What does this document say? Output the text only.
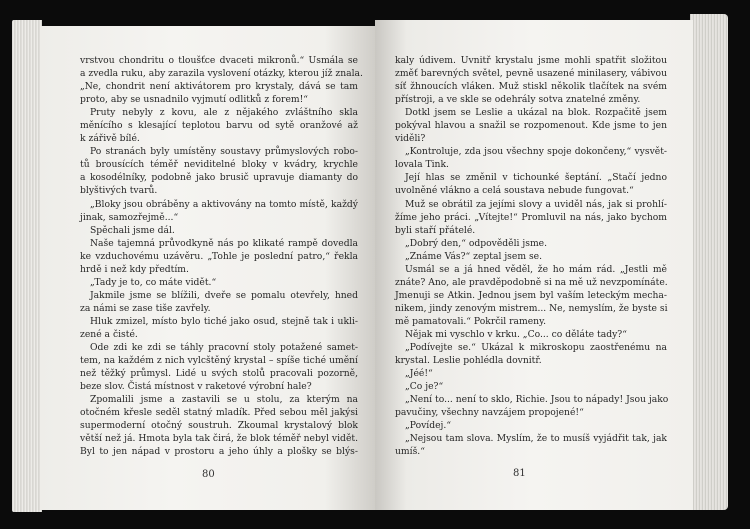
vrstvou chondritu o tloušťce dvaceti mikronů.“ Usmála se
a zvedla ruku, aby zarazila vyslovení otázky, kterou jíž znala.
„Ne, chondrit není aktivátorem pro krystaly, dává se tam
proto, aby se usnadnilo vyjmutí odlitků z forem!“
Pruty nebyly z kovu, ale z nějakého zvláštního skla
měnícího s klesající teplotou barvu od sytě oranžové až
k zářivě bílé.
Po stranách byly umístěny soustavy průmyslových robo-
tů brousících téměř neviditelné bloky v kvádry, krychle
a kosodélníky, podobně jako brusič upravuje diamanty do
blyštivých tvarů.
„Bloky jsou obráběny a aktivovány na tomto místě, každý
jinak, samozřejmě...“
Spěchali jsme dál.
Naše tajemná průvodkyně nás po klikaté rampě dovedla
ke vzduchovému uzávěru. „Tohle je poslední patro,“ řekla
hrdě i než kdy předtím.
„Tady je to, co máte vidět.“
Jakmile jsme se blížili, dveře se pomalu otevřely, hned
za námi se zase tiše zavřely.
Hluk zmizel, místo bylo tiché jako osud, stejně tak i ukli-
zené a čisté.
Ode zdi ke zdi se táhly pracovní stoly potažené samet-
tem, na každém z nich vylcštěný krystal – spíše tiché umění
než těžký průmysl. Lidé u svých stolů pracovali pozorně,
beze slov. Čistá místnost v raketové výrobní hale?
Zpomalili jsme a zastavili se u stolu, za kterým na
otočném křesle seděl statný mladík. Před sebou měl jakýsi
supermoderní otočný soustruh. Zkoumal krystalový blok
větší než já. Hmota byla tak čirá, že blok téměř nebyl vidět.
Byl to jen nápad v prostoru a jeho úhly a plošky se blýs-
80
kaly údivem. Uvnitř krystalu jsme mohli spatřit složitou
změť barevných světel, pevně usazené minilasery, vábivou
síť žhnoucích vláken. Muž stiskl několik tlačítek na svém
přístroji, a ve skle se odehrály sotva znatelné změny.
Dotkl jsem se Leslie a ukázal na blok. Rozpačitě jsem
pokýval hlavou a snažil se rozpomenout. Kde jsme to jen
viděli?
„Kontroluje, zda jsou všechny spoje dokončeny,“ vysvět-
lovala Tink.
Její hlas se změnil v tichounké šeptání. „Stačí jedno
uvolněné vlákno a celá soustava nebude fungovat.“
Muž se obrátil za jejími slovy a uviděl nás, jak si prohlí-
žíme jeho práci. „Vítejte!“ Promluvil na nás, jako bychom
byli staří přátelé.
„Dobrý den,“ odpověděli jsme.
„Známe Vás?“ zeptal jsem se.
Usmál se a já hned věděl, že ho mám rád. „Jestli mě
znáte? Ano, ale pravděpodobně si na mě už nevzpomínáte.
Jmenuji se Atkin. Jednou jsem byl vaším leteckým mecha-
nikem, jindy zenovým mistrem... Ne, nemyslím, že byste si
mě pamatovali.“ Pokrčil rameny.
Nějak mi vyschlo v krku. „Co... co děláte tady?“
„Podívejte se.“ Ukázal k mikroskopu zaostřenému na
krystal. Leslie pohlédla dovnitř.
„Jéé!“
„Co je?“
„Není to... není to sklo, Richie. Jsou to nápady! Jsou jako
pavučiny, všechny navzájem propojené!“
„Povídej.“
„Nejsou tam slova. Myslím, že to musíš vyjádřit tak, jak
umíš.“
81
